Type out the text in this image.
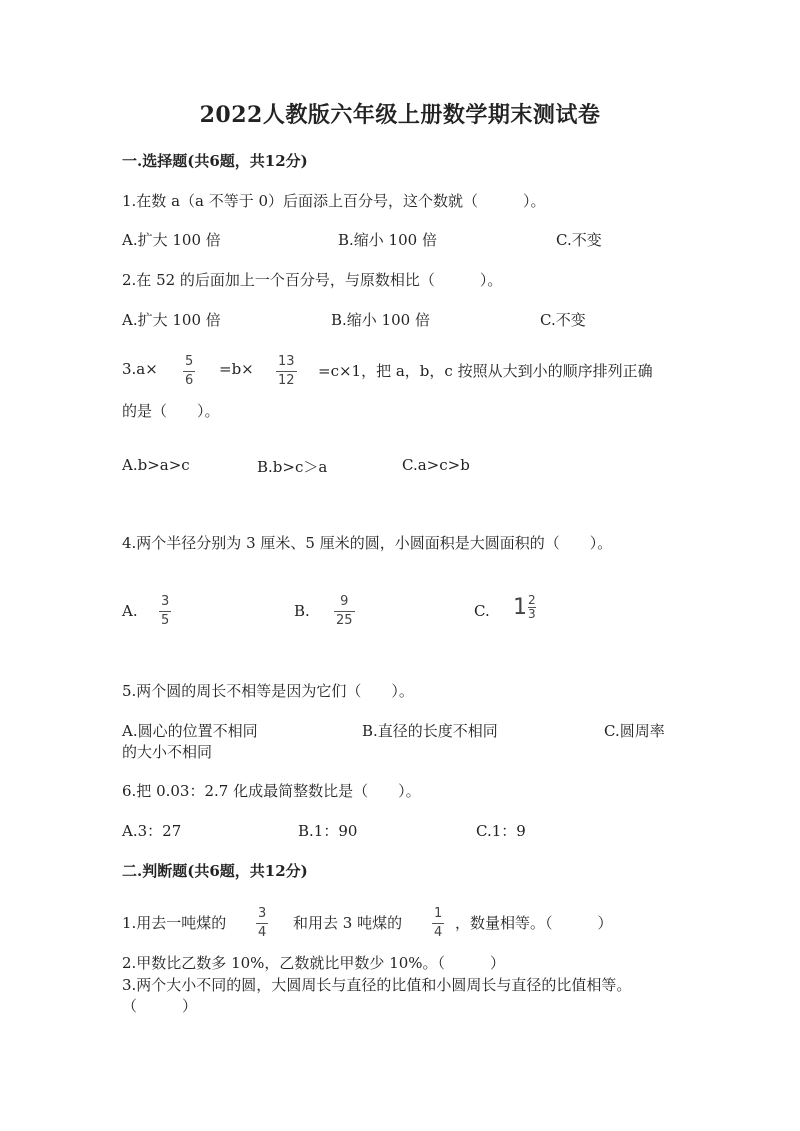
2022人教版六年级上册数学期末测试卷
一.选择题(共6题，共12分)
1.在数 a（a 不等于 0）后面添上百分号，这个数就（　　　）。
A.扩大 100 倍	B.缩小 100 倍	C.不变
2.在 52 的后面加上一个百分号，与原数相比（　　　）。
A.扩大 100 倍	B.缩小 100 倍	C.不变
3.a× 5
6
=b× 13
12
=c×1，把 a，b，c 按照从大到小的顺序排列正确
的是（　　）。
A.b>a>c	B.b>c＞a	C.a>c>b
4.两个半径分别为 3 厘米、5 厘米的圆，小圆面积是大圆面积的（　　）。
A.
3
5
B.
9
25
C. $1 \frac{2}{3}$
5.两个圆的周长不相等是因为它们（　　）。
A.圆心的位置不相同	B.直径的长度不相同	C.圆周率
的大小不相同
6.把 0.03：2.7 化成最简整数比是（　　）。
A.3：27	B.1：90	C.1：9
二.判断题(共6题，共12分)
1.用去一吨煤的
3
4
和用去 3 吨煤的
1
4
，数量相等。（　　　）
2.甲数比乙数多 10%，乙数就比甲数少 10%。（　　　）
3.两个大小不同的圆，大圆周长与直径的比值和小圆周长与直径的比值相等。
（　　　）
